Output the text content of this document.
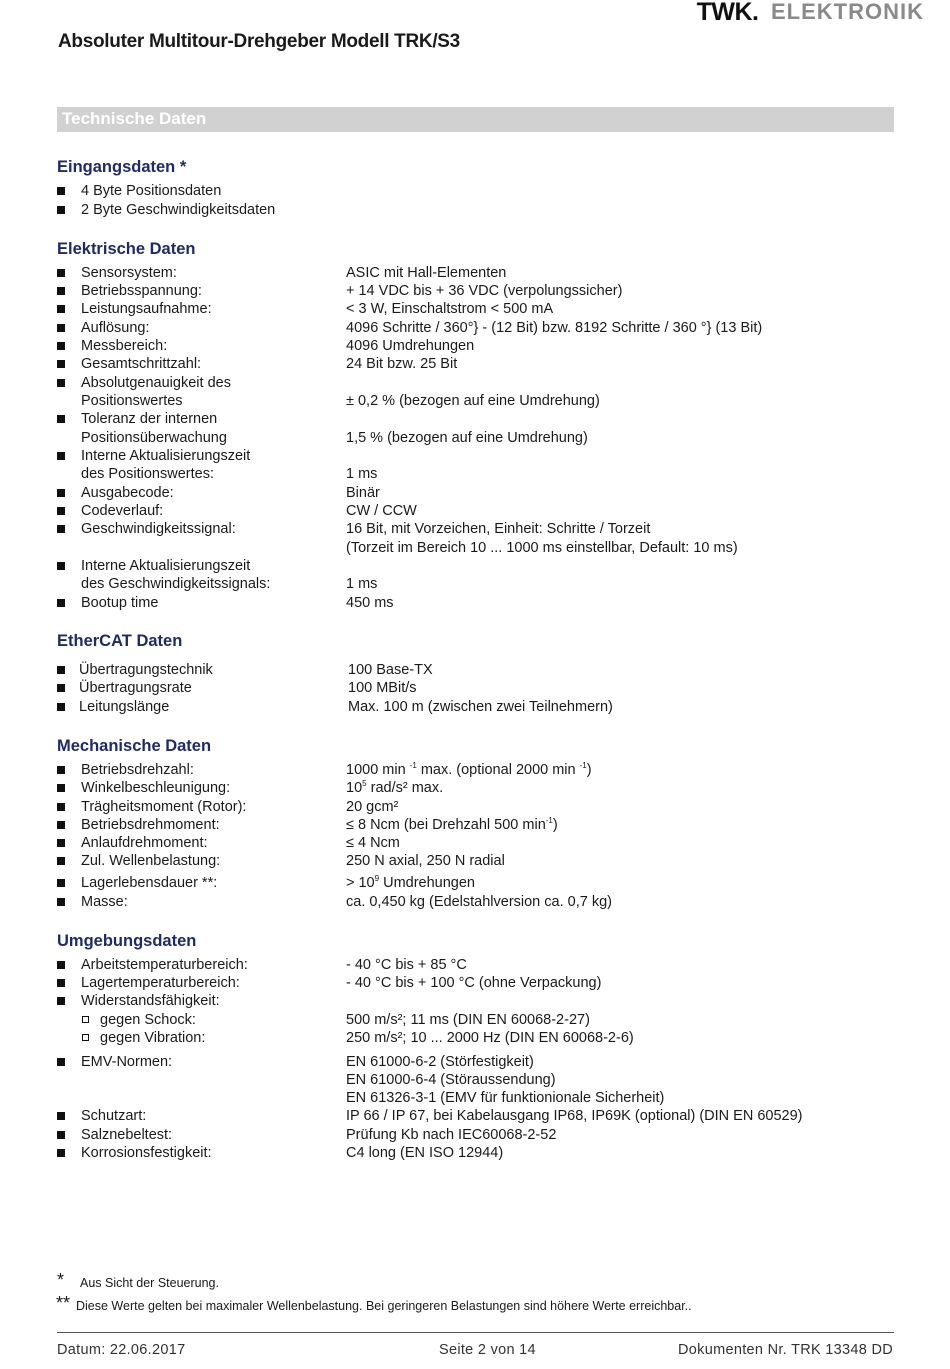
TWK . ELEKTRONIK
Absoluter Multitour-Drehgeber Modell TRK/S3
Technische Daten
Eingangsdaten *
4 Byte Positionsdaten
2 Byte Geschwindigkeitsdaten
Elektrische Daten
Sensorsystem:	ASIC mit Hall-Elementen
Betriebsspannung:	+ 14 VDC bis + 36 VDC (verpolungssicher)
Leistungsaufnahme:	< 3 W, Einschaltstrom < 500 mA
Auflösung:	4096 Schritte / 360°} - (12 Bit) bzw. 8192 Schritte / 360 °} (13 Bit)
Messbereich:	4096 Umdrehungen
Gesamtschrittzahl:	24 Bit bzw. 25 Bit
Absolutgenauigkeit des
Positionswertes	± 0,2 % (bezogen auf eine Umdrehung)
Toleranz der internen
Positionsüberwachung	1,5 % (bezogen auf eine Umdrehung)
Interne Aktualisierungszeit
des Positionswertes:	1 ms
Ausgabecode:	Binär
Codeverlauf:	CW / CCW
Geschwindigkeitssignal:	16 Bit, mit Vorzeichen, Einheit: Schritte / Torzeit
(Torzeit im Bereich 10 ... 1000 ms einstellbar, Default: 10 ms)
Interne Aktualisierungszeit
des Geschwindigkeitssignals:	1 ms
Bootup time	450 ms
EtherCAT Daten
Übertragungstechnik	100 Base-TX
Übertragungsrate	100 MBit/s
Leitungslänge	Max. 100 m (zwischen zwei Teilnehmern)
Mechanische Daten
Betriebsdrehzahl:	1000 min $^{-1}$ max. (optional 2000 min $^{-1}$)
Winkelbeschleunigung:	$10^5$ rad/s² max.
Trägheitsmoment (Rotor):	20 gcm²
Betriebsdrehmoment:	≤ 8 Ncm (bei Drehzahl 500 $\min^{-1}$)
Anlaufdrehmoment:	≤ 4 Ncm
Zul. Wellenbelastung:	250 N axial, 250 N radial
Lagerlebensdauer **:	> $10^9$ Umdrehungen
Masse:	ca. 0,450 kg (Edelstahlversion ca. 0,7 kg)
Umgebungsdaten
Arbeitstemperaturbereich:	- 40 °C bis + 85 °C
Lagertemperaturbereich:	- 40 °C bis + 100 °C (ohne Verpackung)
Widerstandsfähigkeit:
gegen Schock:	500 m/s²; 11 ms (DIN EN 60068-2-27)
gegen Vibration:	250 m/s²; 10 ... 2000 Hz (DIN EN 60068-2-6)
EMV-Normen:	EN 61000-6-2 (Störfestigkeit)
EN 61000-6-4 (Störaussendung)
EN 61326-3-1 (EMV für funktionionale Sicherheit)
Schutzart:	IP 66 / IP 67, bei Kabelausgang IP68, IP69K (optional) (DIN EN 60529)
Salznebeltest:	Prüfung Kb nach IEC60068-2-52
Korrosionsfestigkeit:	C4 long (EN ISO 12944)
* Aus Sicht der Steuerung.
** Diese Werte gelten bei maximaler Wellenbelastung. Bei geringeren Belastungen sind höhere Werte erreichbar..
Datum: 22.06.2017	Seite 2 von 14	Dokumenten Nr. TRK 13348 DD
